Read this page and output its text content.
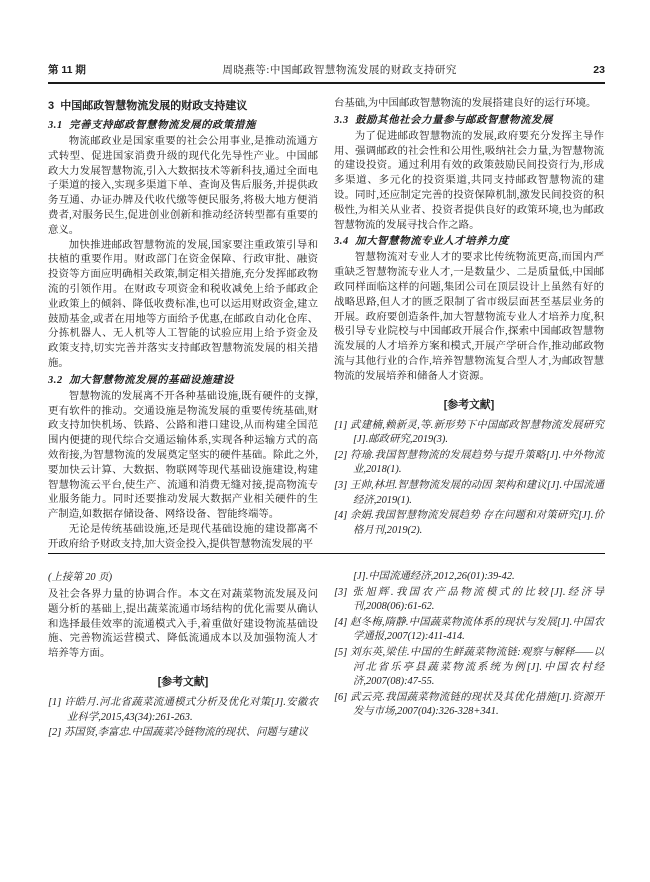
第 11 期	周晓燕等:中国邮政智慧物流发展的财政支持研究	23
3  中国邮政智慧物流发展的财政支持建议
3.1  完善支持邮政智慧物流发展的政策措施

物流邮政业是国家重要的社会公用事业,是推动流通方式转型、促进国家消费升级的现代化先导性产业。中国邮政大力发展智慧物流,引入大数据技术等新科技,通过全面电子渠道的接入,实现多渠道下单、查询及售后服务,并提供政务互通、办证办牌及代收代缴等便民服务,将极大地方便消费者,对服务民生,促进创业创新和推动经济转型都有重要的意义。

加快推进邮政智慧物流的发展,国家要注重政策引导和扶植的重要作用。财政部门在资金保障、行政审批、融资投资等方面应明确相关政策,制定相关措施,充分发挥邮政物流的引领作用。在财政专项资金和税收减免上给予邮政企业政策上的倾斜、降低收费标准,也可以运用财政资金,建立鼓励基金,或者在用地等方面给予优惠,在邮政自动化仓库、分拣机器人、无人机等人工智能的试验应用上给予资金及政策支持,切实完善并落实支持邮政智慧物流发展的相关措施。

3.2  加大智慧物流发展的基础设施建设

智慧物流的发展离不开各种基础设施,既有硬件的支撑,更有软件的推动。交通设施是物流发展的重要传统基础,财政支持加快机场、铁路、公路和港口建设,从而构建全国范围内便捷的现代综合交通运输体系,实现各种运输方式的高效衔接,为智慧物流的发展奠定坚实的硬件基础。除此之外,要加快云计算、大数据、物联网等现代基础设施建设,构建智慧物流云平台,使生产、流通和消费无缝对接,提高物流专业服务能力。同时还要推动发展大数据产业相关硬件的生产制造,如数据存储设备、网络设备、智能终端等。

无论是传统基础设施,还是现代基础设施的建设都离不开政府给予财政支持,加大资金投入,提供智慧物流发展的平

台基础,为中国邮政智慧物流的发展搭建良好的运行环境。

3.3  鼓励其他社会力量参与邮政智慧物流发展

为了促进邮政智慧物流的发展,政府要充分发挥主导作用、强调邮政的社会性和公用性,吸纳社会力量,为智慧物流的建设投资。通过利用有效的政策鼓励民间投资行为,形成多渠道、多元化的投资渠道,共同支持邮政智慧物流的建设。同时,还应制定完善的投资保障机制,激发民间投资的积极性,为相关从业者、投资者提供良好的政策环境,也为邮政智慧物流的发展寻找合作之路。

3.4  加大智慧物流专业人才培养力度

智慧物流对专业人才的要求比传统物流更高,而国内严重缺乏智慧物流专业人才,一是数量少、二是质量低,中国邮政同样面临这样的问题,集团公司在顶层设计上虽然有好的战略思路,但人才的匮乏限制了省市级层面甚至基层业务的开展。政府要创造条件,加大智慧物流专业人才培养力度,积极引导专业院校与中国邮政开展合作,探索中国邮政智慧物流发展的人才培养方案和模式,开展产学研合作,推动邮政物流与其他行业的合作,培养智慧物流复合型人才,为邮政智慧物流的发展培养和储备人才资源。

[参考文献]
[1] 武建楠,赖新灵,等.新形势下中国邮政智慧物流发展研究[J].邮政研究,2019(3).
[2] 符瑜.我国智慧物流的发展趋势与提升策略[J].中外物流业,2018(1).
[3] 王帅,林坦.智慧物流发展的动因 架构和建议[J].中国流通经济,2019(1).
[4] 余娟.我国智慧物流发展趋势 存在问题和对策研究[J].价格月刊,2019(2).
(上接第 20 页)

及社会各界力量的协调合作。本文在对蔬菜物流发展及问题分析的基础上,提出蔬菜流通市场结构的优化需要从确认和选择最佳效率的流通模式入手,着重做好建设物流基础设施、完善物流运营模式、降低流通成本以及加强物流人才培养等方面。

[参考文献]
[1] 许皓月.河北省蔬菜流通模式分析及优化对策[J].安徽农业科学,2015,43(34):261-263.
[2] 苏国贤,李富忠.中国蔬菜冷链物流的现状、问题与建议
[J].中国流通经济,2012,26(01):39-42.
[3] 张旭辉.我国农产品物流模式的比较[J].经济导刊,2008(06):61-62.
[4] 赵冬梅,隋静.中国蔬菜物流体系的现状与发展[J].中国农学通报,2007(12):411-414.
[5] 刘东英,梁佳.中国的生鲜蔬菜物流链:观察与解释——以河北省乐亭县蔬菜物流系统为例[J].中国农村经济,2007(08):47-55.
[6] 武云亮.我国蔬菜物流链的现状及其优化措施[J].资源开发与市场,2007(04):326-328+341.
